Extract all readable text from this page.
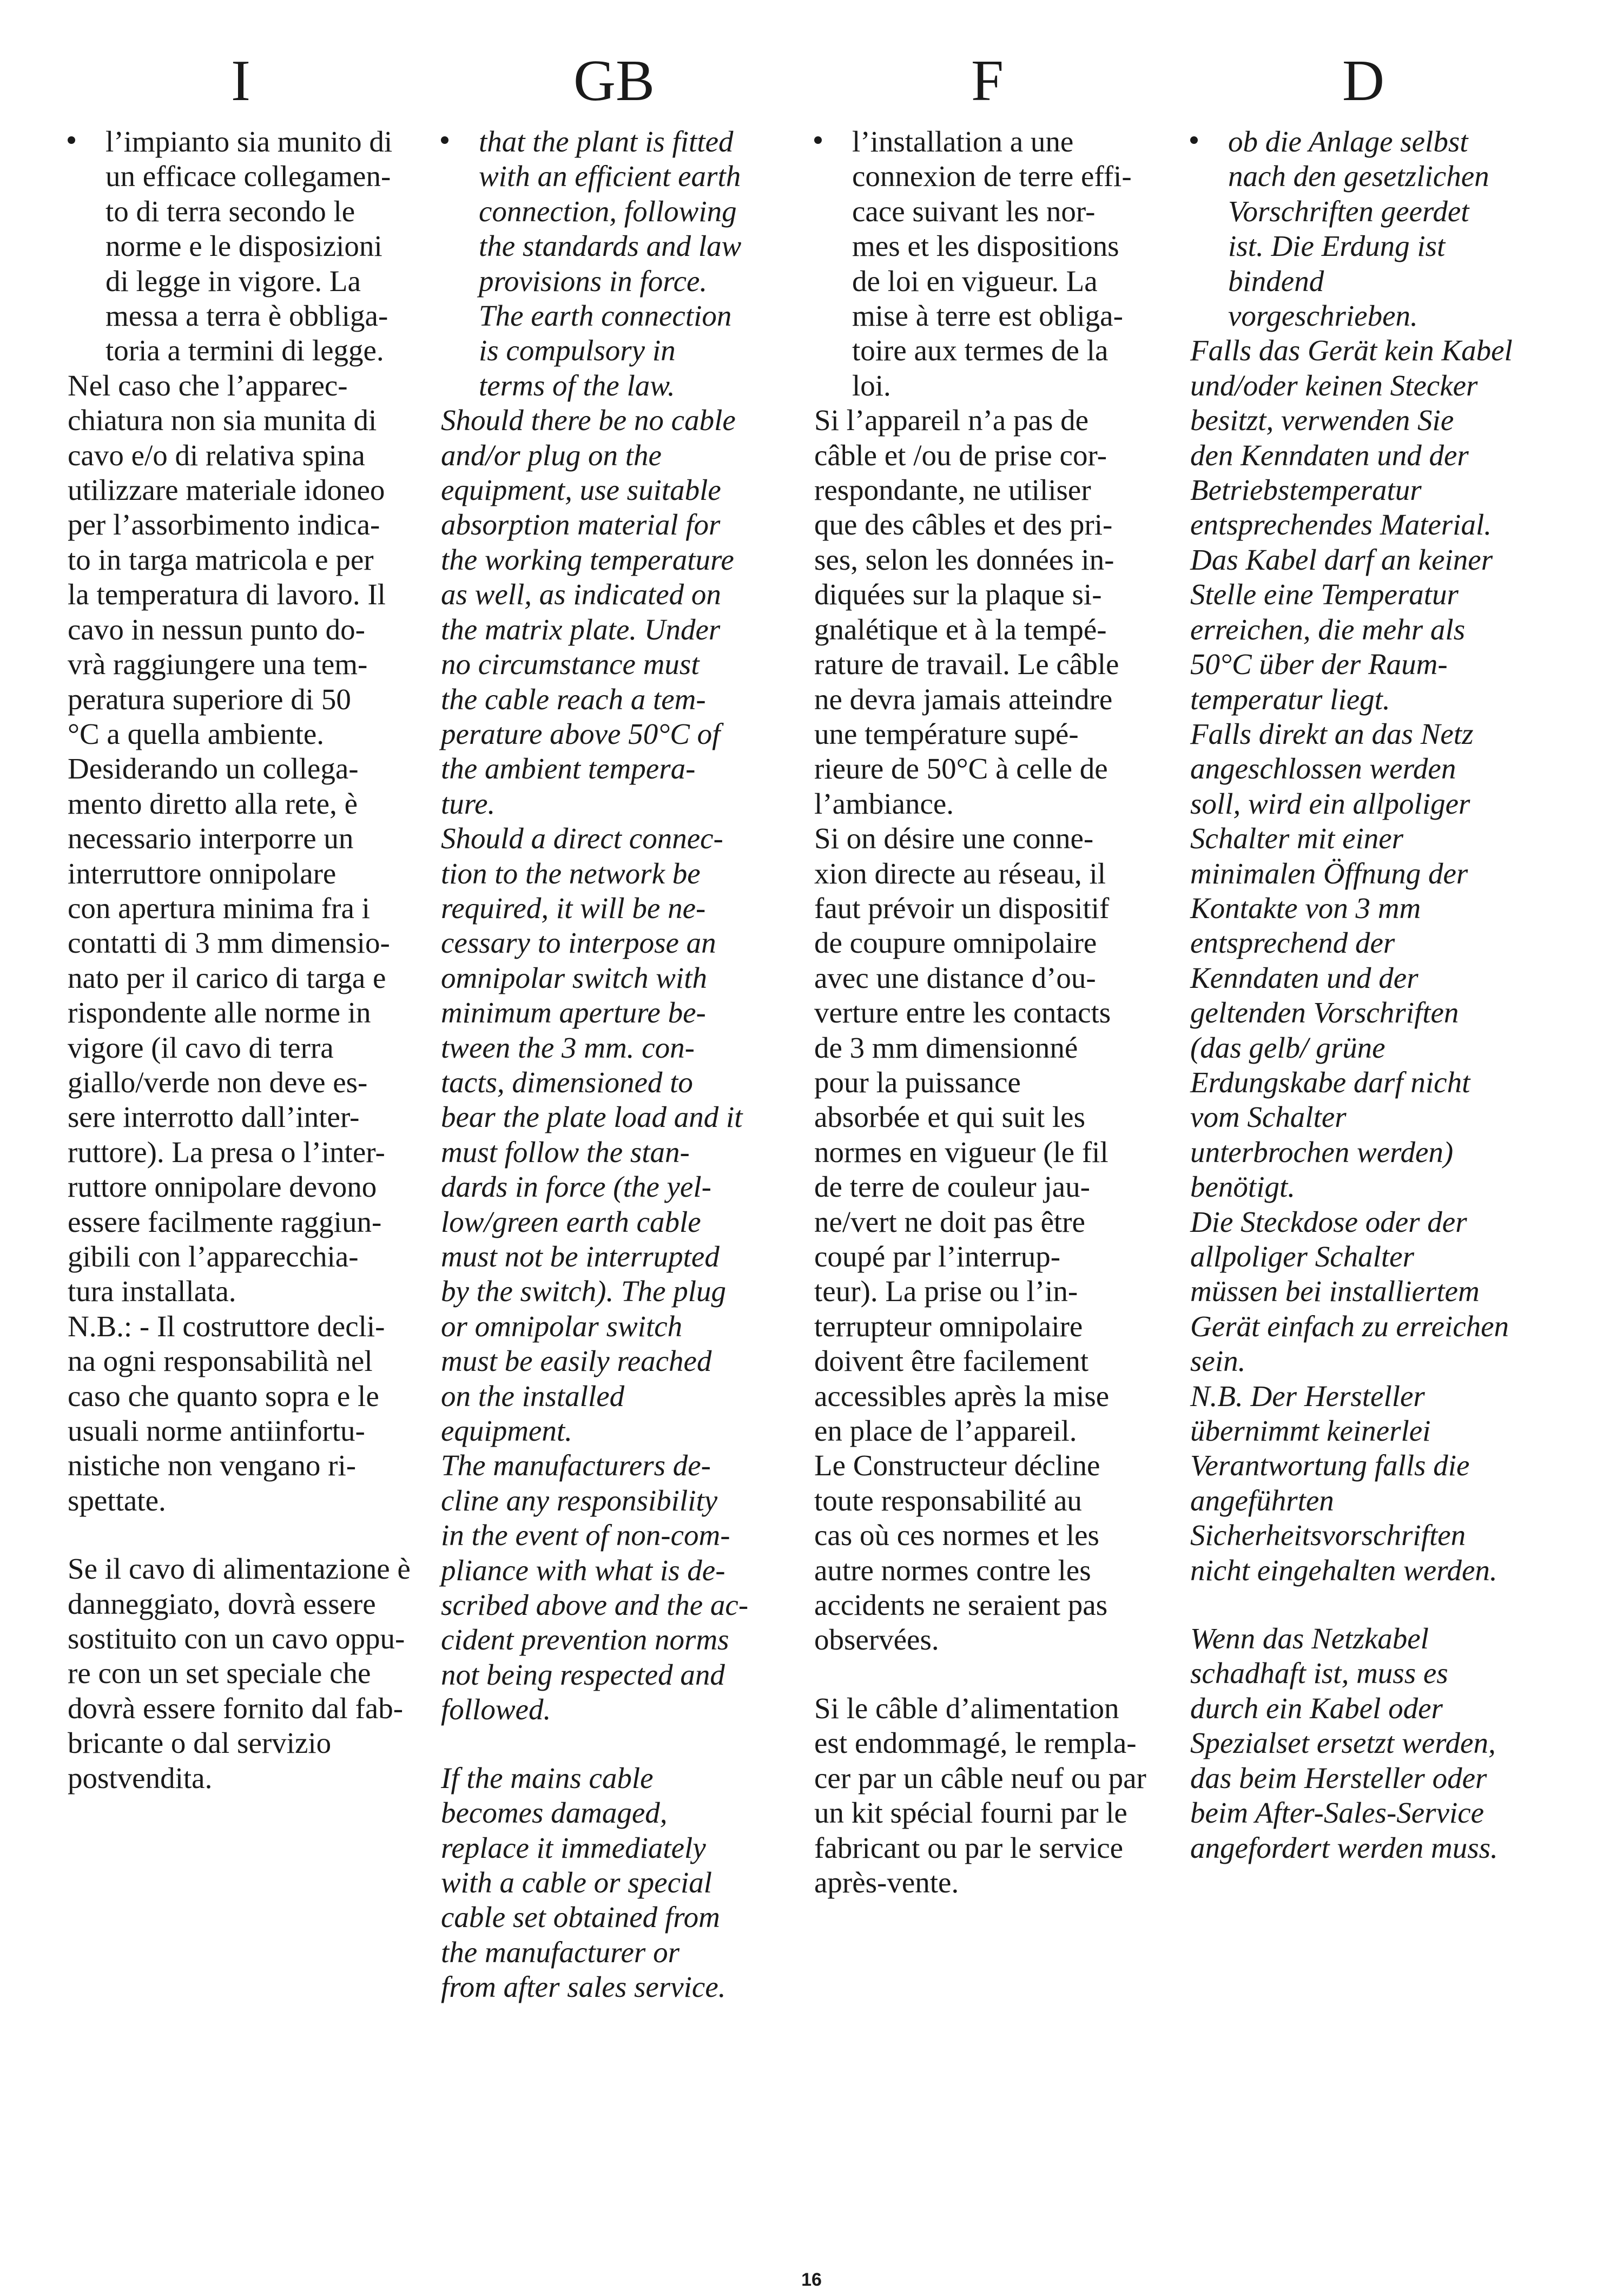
I

l’impianto sia munito di
un efficace collegamen-
to di terra secondo le
norme e le disposizioni
di legge in vigore. La
messa a terra è obbliga-
toria a termini di legge.

Nel caso che l’apparec-
chiatura non sia munita di
cavo e/o di relativa spina
utilizzare materiale idoneo
per l’assorbimento indica-
to in targa matricola e per
la temperatura di lavoro. Il
cavo in nessun punto do-
vrà raggiungere una tem-
peratura superiore di 50
°C a quella ambiente.
Desiderando un collega-
mento diretto alla rete, è
necessario interporre un
interruttore onnipolare
con apertura minima fra i
contatti di 3 mm dimensio-
nato per il carico di targa e
rispondente alle norme in
vigore (il cavo di terra
giallo/verde non deve es-
sere interrotto dall’inter-
ruttore). La presa o l’inter-
ruttore onnipolare devono
essere facilmente raggiun-
gibili con l’apparecchia-
tura installata.
N.B.: - Il costruttore decli-
na ogni responsabilità nel
caso che quanto sopra e le
usuali norme antiinfortu-
nistiche non vengano ri-
spettate.

Se il cavo di alimentazione è
danneggiato, dovrà essere
sostituito con un cavo oppu-
re con un set speciale che
dovrà essere fornito dal fab-
bricante o dal servizio
postvendita.

GB

that the plant is fitted
with an efficient earth
connection, following
the standards and law
provisions in force.
The earth connection
is compulsory in
terms of the law.

Should there be no cable
and/or plug on the
equipment, use suitable
absorption material for
the working temperature
as well, as indicated on
the matrix plate. Under
no circumstance must
the cable reach a tem-
perature above 50°C of
the ambient tempera-
ture.
Should a direct connec-
tion to the network be
required, it will be ne-
cessary to interpose an
omnipolar switch with
minimum aperture be-
tween the 3 mm. con-
tacts, dimensioned to
bear the plate load and it
must follow the stan-
dards in force (the yel-
low/green earth cable
must not be interrupted
by the switch). The plug
or omnipolar switch
must be easily reached
on the installed
equipment.
The manufacturers de-
cline any responsibility
in the event of non-com-
pliance with what is de-
scribed above and the ac-
cident prevention norms
not being respected and
followed.

If the mains cable
becomes damaged,
replace it immediately
with a cable or special
cable set obtained from
the manufacturer or
from after sales service.

F

l’installation a une
connexion de terre effi-
cace suivant les nor-
mes et les dispositions
de loi en vigueur. La
mise à terre est obliga-
toire aux termes de la
loi.

Si l’appareil n’a pas de
câble et /ou de prise cor-
respondante, ne utiliser
que des câbles et des pri-
ses, selon les données in-
diquées sur la plaque si-
gnalétique et à la tempé-
rature de travail. Le câble
ne devra jamais atteindre
une température supé-
rieure de 50°C à celle de
l’ambiance.
Si on désire une conne-
xion directe au réseau, il
faut prévoir un dispositif
de coupure omnipolaire
avec une distance d’ou-
verture entre les contacts
de 3 mm dimensionné
pour la puissance
absorbée et qui suit les
normes en vigueur (le fil
de terre de couleur jau-
ne/vert ne doit pas être
coupé par l’interrup-
teur). La prise ou l’in-
terrupteur omnipolaire
doivent être facilement
accessibles après la mise
en place de l’appareil.
Le Constructeur décline
toute responsabilité au
cas où ces normes et les
autre normes contre les
accidents ne seraient pas
observées.

Si le câble d’alimentation
est endommagé, le rempla-
cer par un câble neuf ou par
un kit spécial fourni par le
fabricant ou par le service
après-vente.

D

ob die Anlage selbst
nach den gesetzlichen
Vorschriften geerdet
ist. Die Erdung ist
bindend
vorgeschrieben.

Falls das Gerät kein Kabel
und/oder keinen Stecker
besitzt, verwenden Sie
den Kenndaten und der
Betriebstemperatur
entsprechendes Material.
Das Kabel darf an keiner
Stelle eine Temperatur
erreichen, die mehr als
50°C über der Raum-
temperatur liegt.
Falls direkt an das Netz
angeschlossen werden
soll, wird ein allpoliger
Schalter mit einer
minimalen Öffnung der
Kontakte von 3 mm
entsprechend der
Kenndaten und der
geltenden Vorschriften
(das gelb/ grüne
Erdungskabe darf nicht
vom Schalter
unterbrochen werden)
benötigt.
Die Steckdose oder der
allpoliger Schalter
müssen bei installiertem
Gerät einfach zu erreichen
sein.
N.B. Der Hersteller
übernimmt keinerlei
Verantwortung falls die
angeführten
Sicherheitsvorschriften
nicht eingehalten werden.

Wenn das Netzkabel
schadhaft ist, muss es
durch ein Kabel oder
Spezialset ersetzt werden,
das beim Hersteller oder
beim After-Sales-Service
angefordert werden muss.

16
